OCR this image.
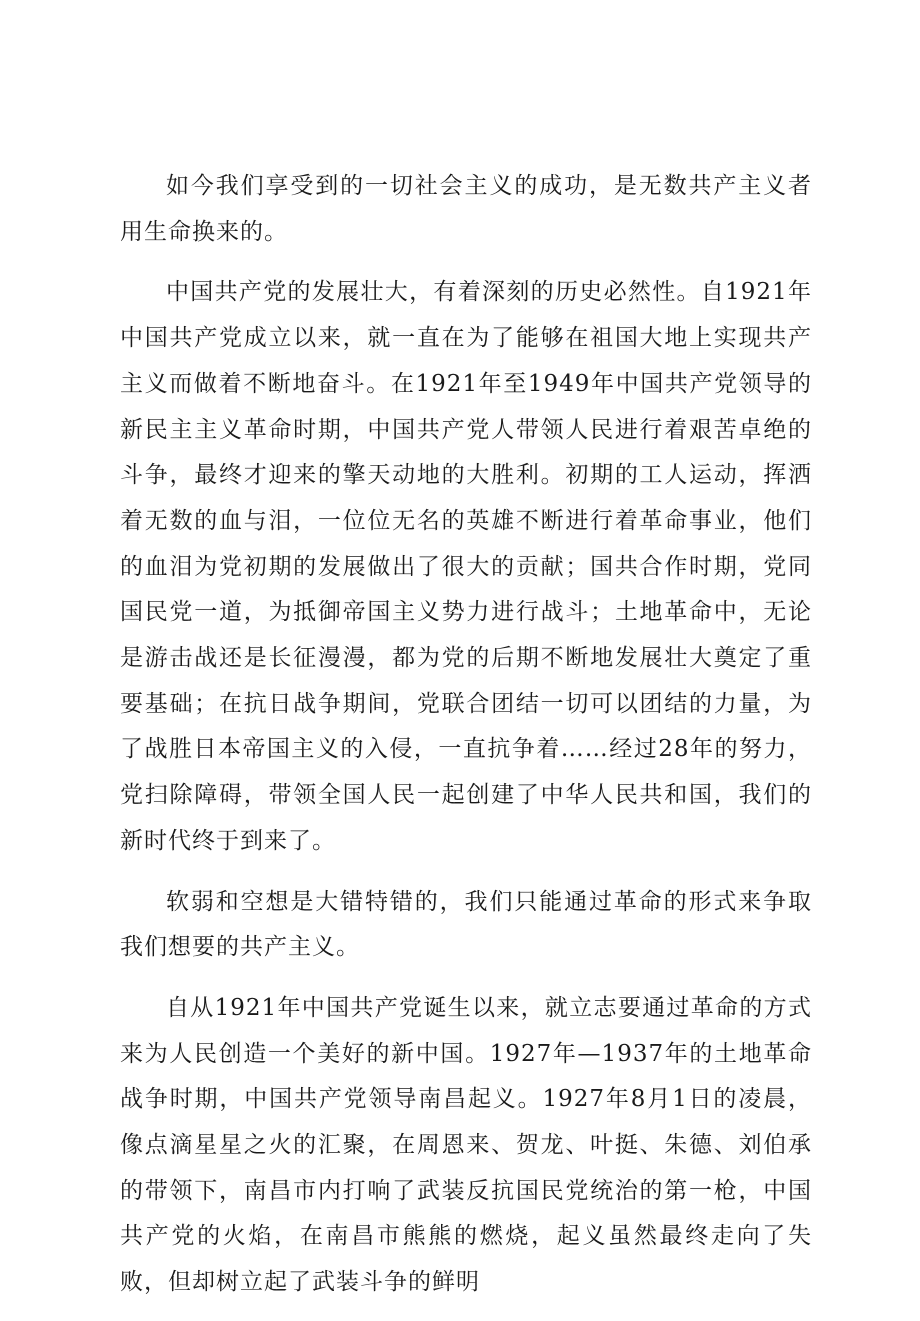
如今我们享受到的一切社会主义的成功，是无数共产主义者用生命换来的。

中国共产党的发展壮大，有着深刻的历史必然性。自1921年中国共产党成立以来，就一直在为了能够在祖国大地上实现共产主义而做着不断地奋斗。在1921年至1949年中国共产党领导的新民主主义革命时期，中国共产党人带领人民进行着艰苦卓绝的斗争，最终才迎来的擎天动地的大胜利。初期的工人运动，挥洒着无数的血与泪，一位位无名的英雄不断进行着革命事业，他们的血泪为党初期的发展做出了很大的贡献；国共合作时期，党同国民党一道，为抵御帝国主义势力进行战斗；土地革命中，无论是游击战还是长征漫漫，都为党的后期不断地发展壮大奠定了重要基础；在抗日战争期间，党联合团结一切可以团结的力量，为了战胜日本帝国主义的入侵，一直抗争着……经过28年的努力，党扫除障碍，带领全国人民一起创建了中华人民共和国，我们的新时代终于到来了。

软弱和空想是大错特错的，我们只能通过革命的形式来争取我们想要的共产主义。

自从1921年中国共产党诞生以来，就立志要通过革命的方式来为人民创造一个美好的新中国。1927年—1937年的土地革命战争时期，中国共产党领导南昌起义。1927年8月1日的凌晨，像点滴星星之火的汇聚，在周恩来、贺龙、叶挺、朱德、刘伯承的带领下，南昌市内打响了武装反抗国民党统治的第一枪，中国共产党的火焰，在南昌市熊熊的燃烧，起义虽然最终走向了失败，但却树立起了武装斗争的鲜明
